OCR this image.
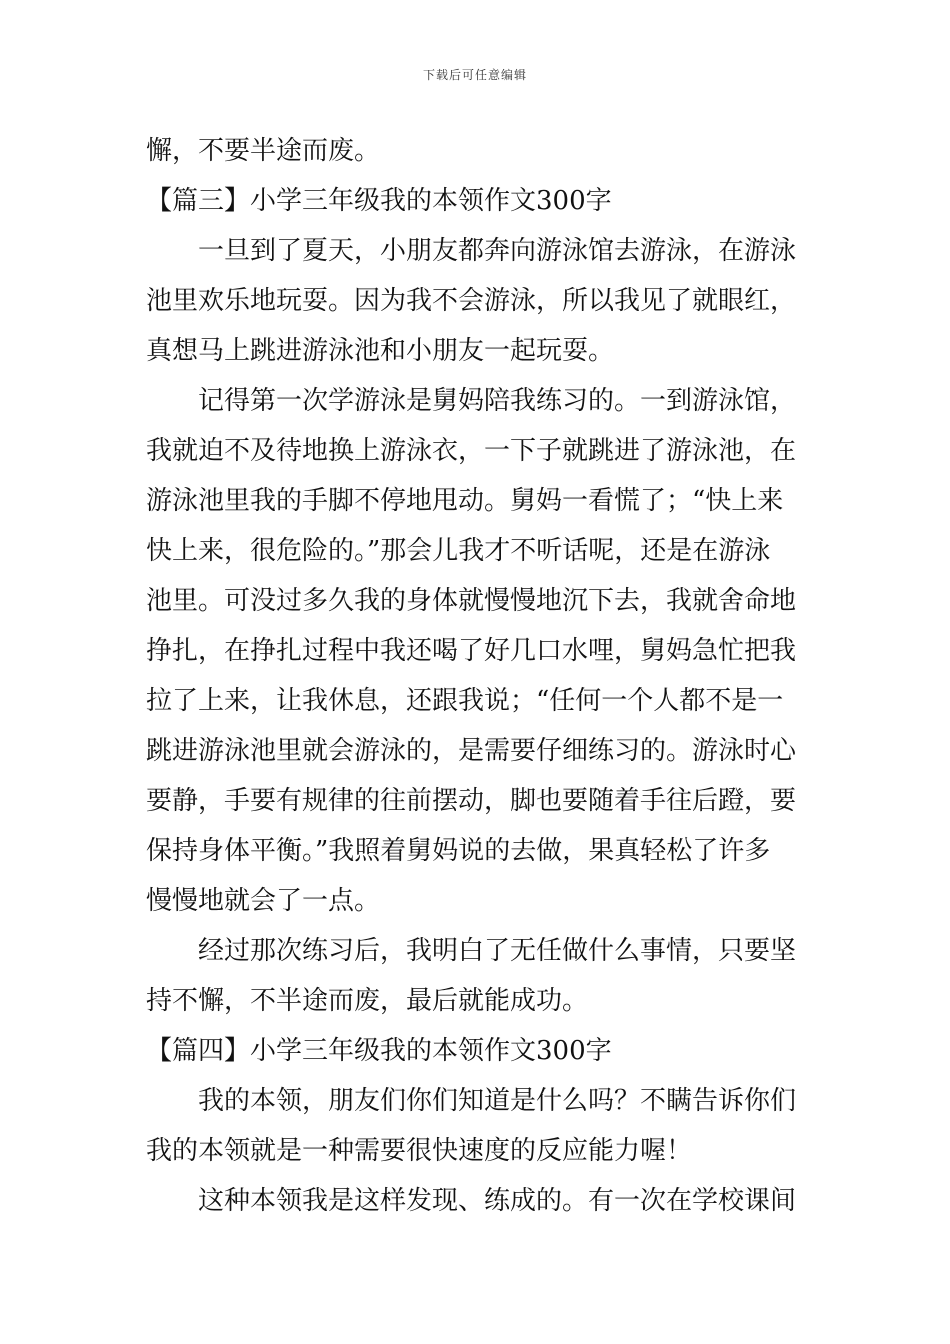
下载后可任意编辑
懈，不要半途而废。
【篇三】小学三年级我的本领作文300字
一旦到了夏天，小朋友都奔向游泳馆去游泳，在游泳
池里欢乐地玩耍。因为我不会游泳，所以我见了就眼红，
真想马上跳进游泳池和小朋友一起玩耍。
记得第一次学游泳是舅妈陪我练习的。一到游泳馆，
我就迫不及待地换上游泳衣，一下子就跳进了游泳池，在
游泳池里我的手脚不停地甩动。舅妈一看慌了；“快上来
快上来，很危险的。”那会儿我才不听话呢，还是在游泳
池里。可没过多久我的身体就慢慢地沉下去，我就舍命地
挣扎，在挣扎过程中我还喝了好几口水哩，舅妈急忙把我
拉了上来，让我休息，还跟我说；“任何一个人都不是一
跳进游泳池里就会游泳的，是需要仔细练习的。游泳时心
要静，手要有规律的往前摆动，脚也要随着手往后蹬，要
保持身体平衡。”我照着舅妈说的去做，果真轻松了许多
慢慢地就会了一点。
经过那次练习后，我明白了无任做什么事情，只要坚
持不懈，不半途而废，最后就能成功。
【篇四】小学三年级我的本领作文300字
我的本领，朋友们你们知道是什么吗？不瞒告诉你们
我的本领就是一种需要很快速度的反应能力喔！
这种本领我是这样发现、练成的。有一次在学校课间
